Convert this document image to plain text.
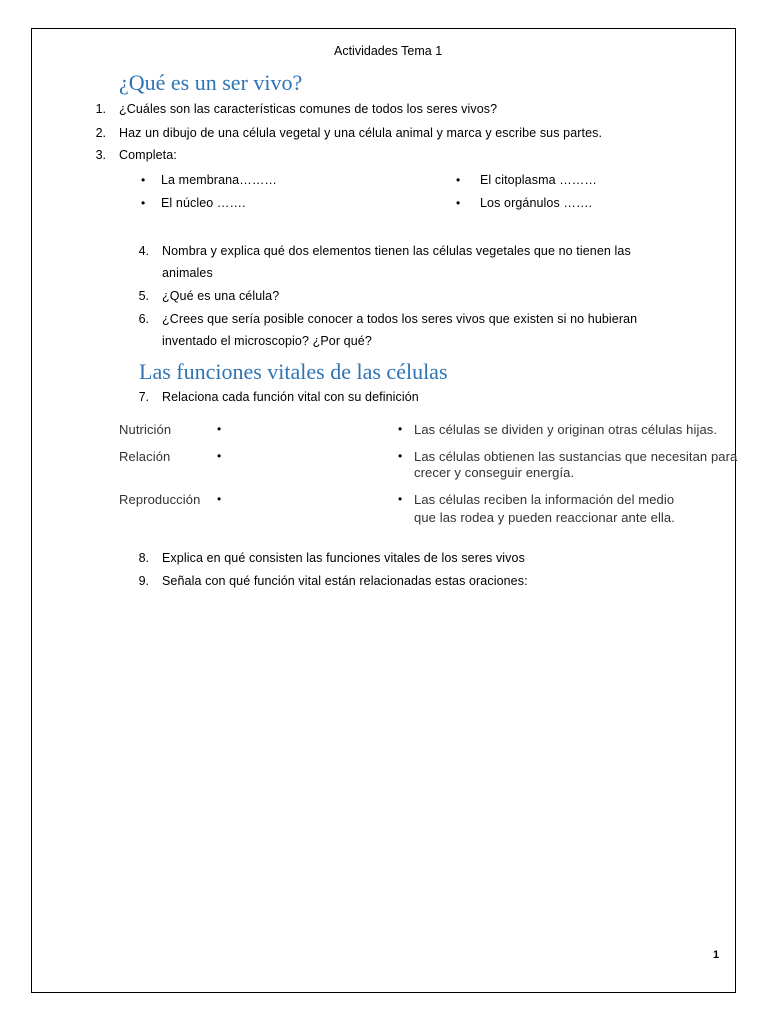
Actividades Tema 1
¿Qué es un ser vivo?
1. ¿Cuáles son las características comunes de todos los seres vivos?
2. Haz un dibujo de una célula vegetal y una célula animal y marca y escribe sus partes.
3. Completa:
• La membrana………	• El citoplasma ………
• El núcleo …….	• Los orgánulos …….
4. Nombra y explica qué dos elementos tienen las células vegetales que no tienen las
animales
5. ¿Qué es una célula?
6. ¿Crees que sería posible conocer a todos los seres vivos que existen si no hubieran
inventado el microscopio? ¿Por qué?
Las funciones vitales de las células
7. Relaciona cada función vital con su definición
Nutrición	•	• Las células se dividen y originan otras células hijas.
Relación	•	• Las células obtienen las sustancias que necesitan para
crecer y conseguir energía.
Reproducción •	• Las células reciben la información del medio
que las rodea y pueden reaccionar ante ella.
8. Explica en qué consisten las funciones vitales de los seres vivos
9. Señala con qué función vital están relacionadas estas oraciones:
1
